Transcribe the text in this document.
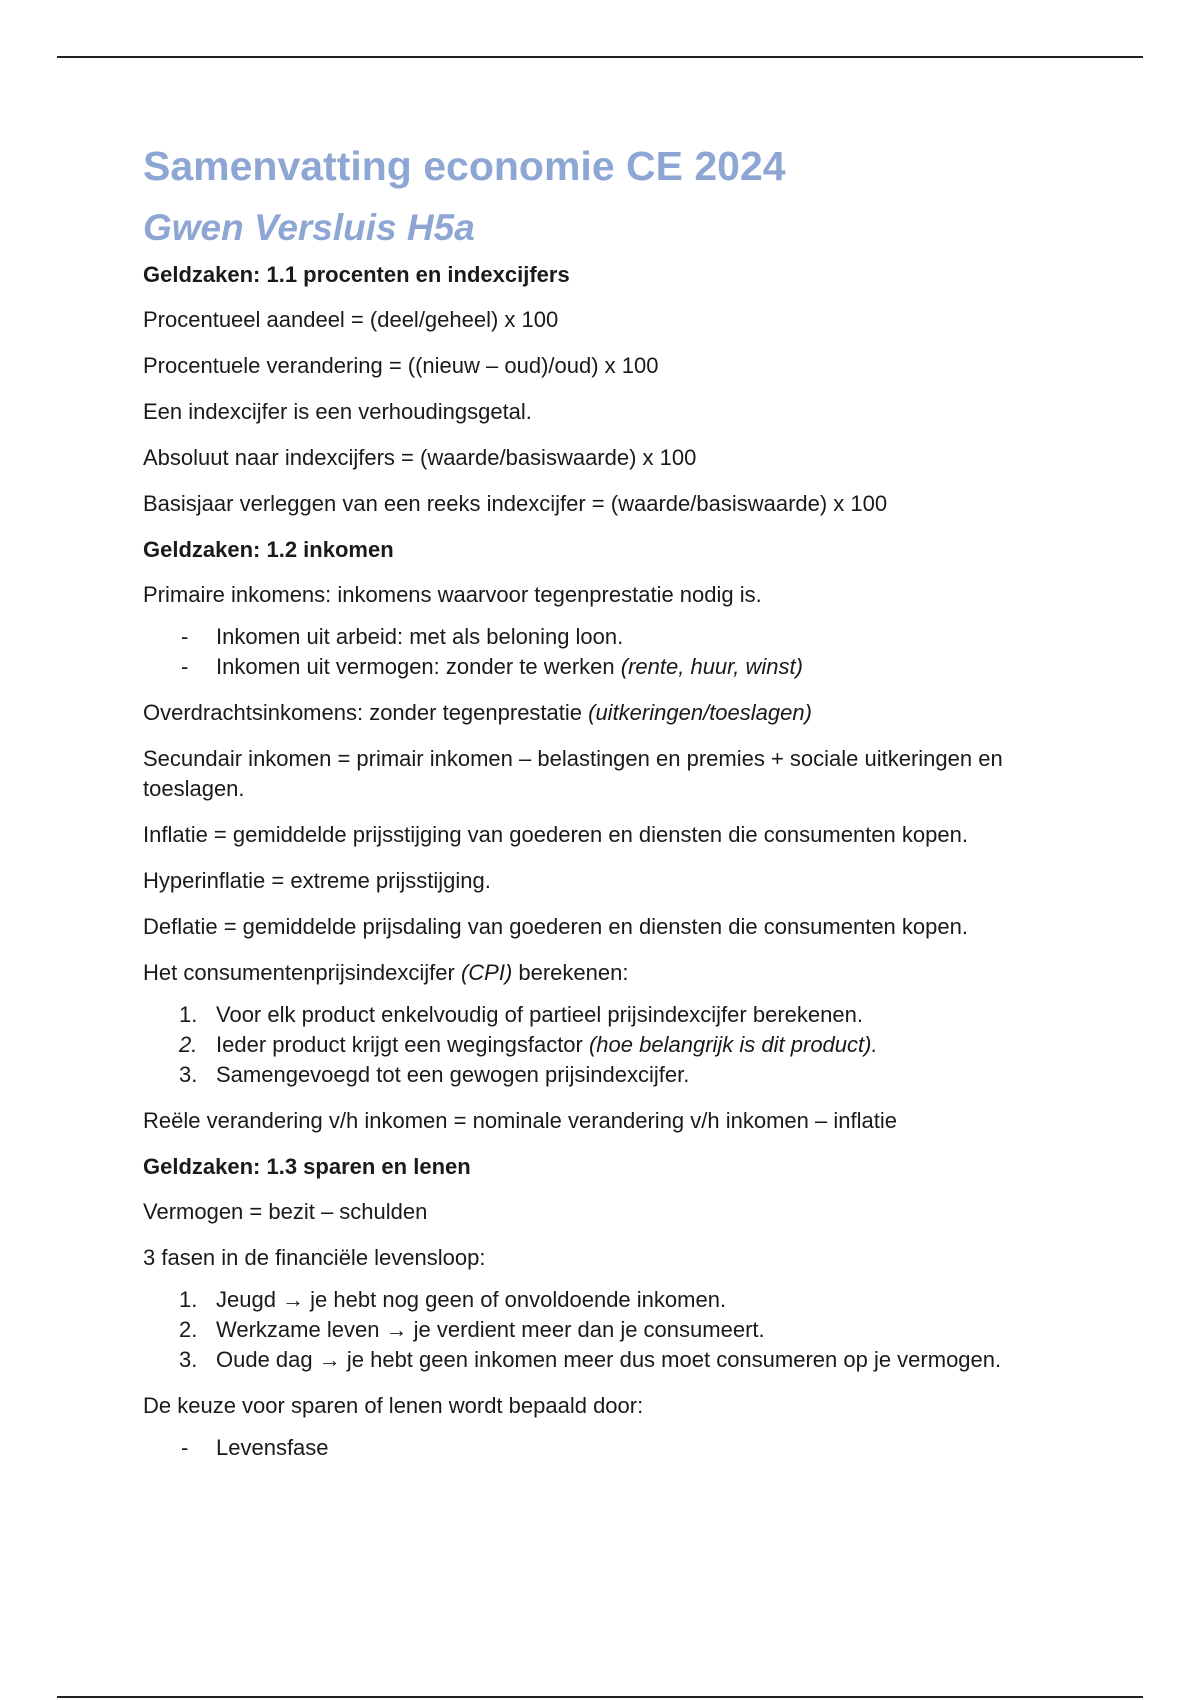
Samenvatting economie CE 2024
Gwen Versluis H5a
Geldzaken: 1.1 procenten en indexcijfers
Procentueel aandeel = (deel/geheel) x 100
Procentuele verandering = ((nieuw – oud)/oud) x 100
Een indexcijfer is een verhoudingsgetal.
Absoluut naar indexcijfers = (waarde/basiswaarde) x 100
Basisjaar verleggen van een reeks indexcijfer = (waarde/basiswaarde) x 100
Geldzaken: 1.2 inkomen
Primaire inkomens: inkomens waarvoor tegenprestatie nodig is.
- Inkomen uit arbeid: met als beloning loon.
- Inkomen uit vermogen: zonder te werken (rente, huur, winst)
Overdrachtsinkomens: zonder tegenprestatie (uitkeringen/toeslagen)
Secundair inkomen = primair inkomen – belastingen en premies + sociale uitkeringen en toeslagen.
Inflatie = gemiddelde prijsstijging van goederen en diensten die consumenten kopen.
Hyperinflatie = extreme prijsstijging.
Deflatie = gemiddelde prijsdaling van goederen en diensten die consumenten kopen.
Het consumentenprijsindexcijfer (CPI) berekenen:
1. Voor elk product enkelvoudig of partieel prijsindexcijfer berekenen.
2. Ieder product krijgt een wegingsfactor (hoe belangrijk is dit product).
3. Samengevoegd tot een gewogen prijsindexcijfer.
Reële verandering v/h inkomen = nominale verandering v/h inkomen – inflatie
Geldzaken: 1.3 sparen en lenen
Vermogen = bezit – schulden
3 fasen in de financiële levensloop:
1. Jeugd → je hebt nog geen of onvoldoende inkomen.
2. Werkzame leven → je verdient meer dan je consumeert.
3. Oude dag → je hebt geen inkomen meer dus moet consumeren op je vermogen.
De keuze voor sparen of lenen wordt bepaald door:
- Levensfase
